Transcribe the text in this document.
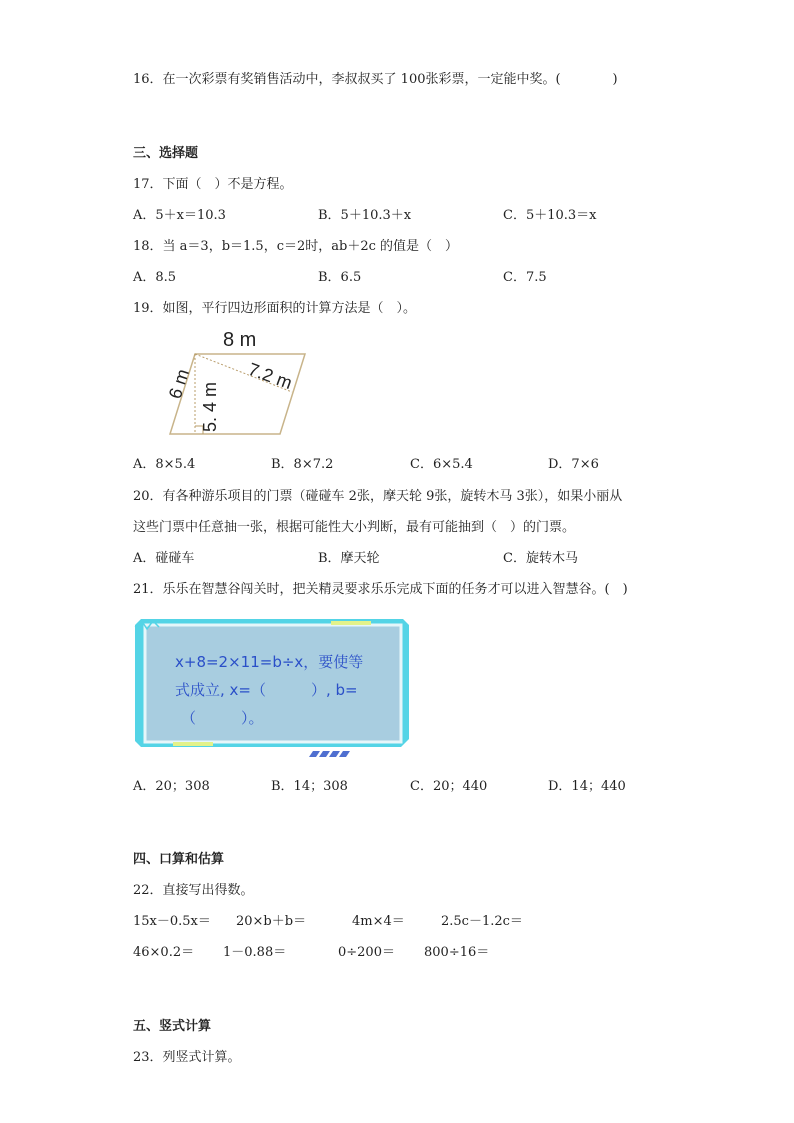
16．在一次彩票有奖销售活动中，李叔叔买了 100张彩票，一定能中奖。(　　　　)
三、选择题
17．下面（　）不是方程。
A．5＋x＝10.3	B．5＋10.3＋x	C．5＋10.3＝x
18．当 a＝3，b＝1.5，c＝2时，ab＋2c 的值是（　）
A．8.5	B．6.5	C．7.5
19．如图，平行四边形面积的计算方法是（　）。
8 m
6 m	7.2 m
5. 4 m
A．8×5.4	B．8×7.2	C．6×5.4	D．7×6
20．有各种游乐项目的门票（碰碰车 2张，摩天轮 9张，旋转木马 3张），如果小丽从
这些门票中任意抽一张，根据可能性大小判断，最有可能抽到（　）的门票。
A．碰碰车	B．摩天轮	C．旋转木马
21．乐乐在智慧谷闯关时，把关精灵要求乐乐完成下面的任务才可以进入智慧谷。(　)
x+8=2×11=b÷x，要使等
式成立, x=（　　　）, b=
（　　　）。
A．20；308	B．14；308	C．20；440	D．14；440
四、口算和估算
22．直接写出得数。
15x－0.5x＝ 20×b＋b＝	4m×4＝	2.5c－1.2c＝
46×0.2＝ 1－0.88＝	0÷200＝ 800÷16＝
五、竖式计算
23．列竖式计算。
